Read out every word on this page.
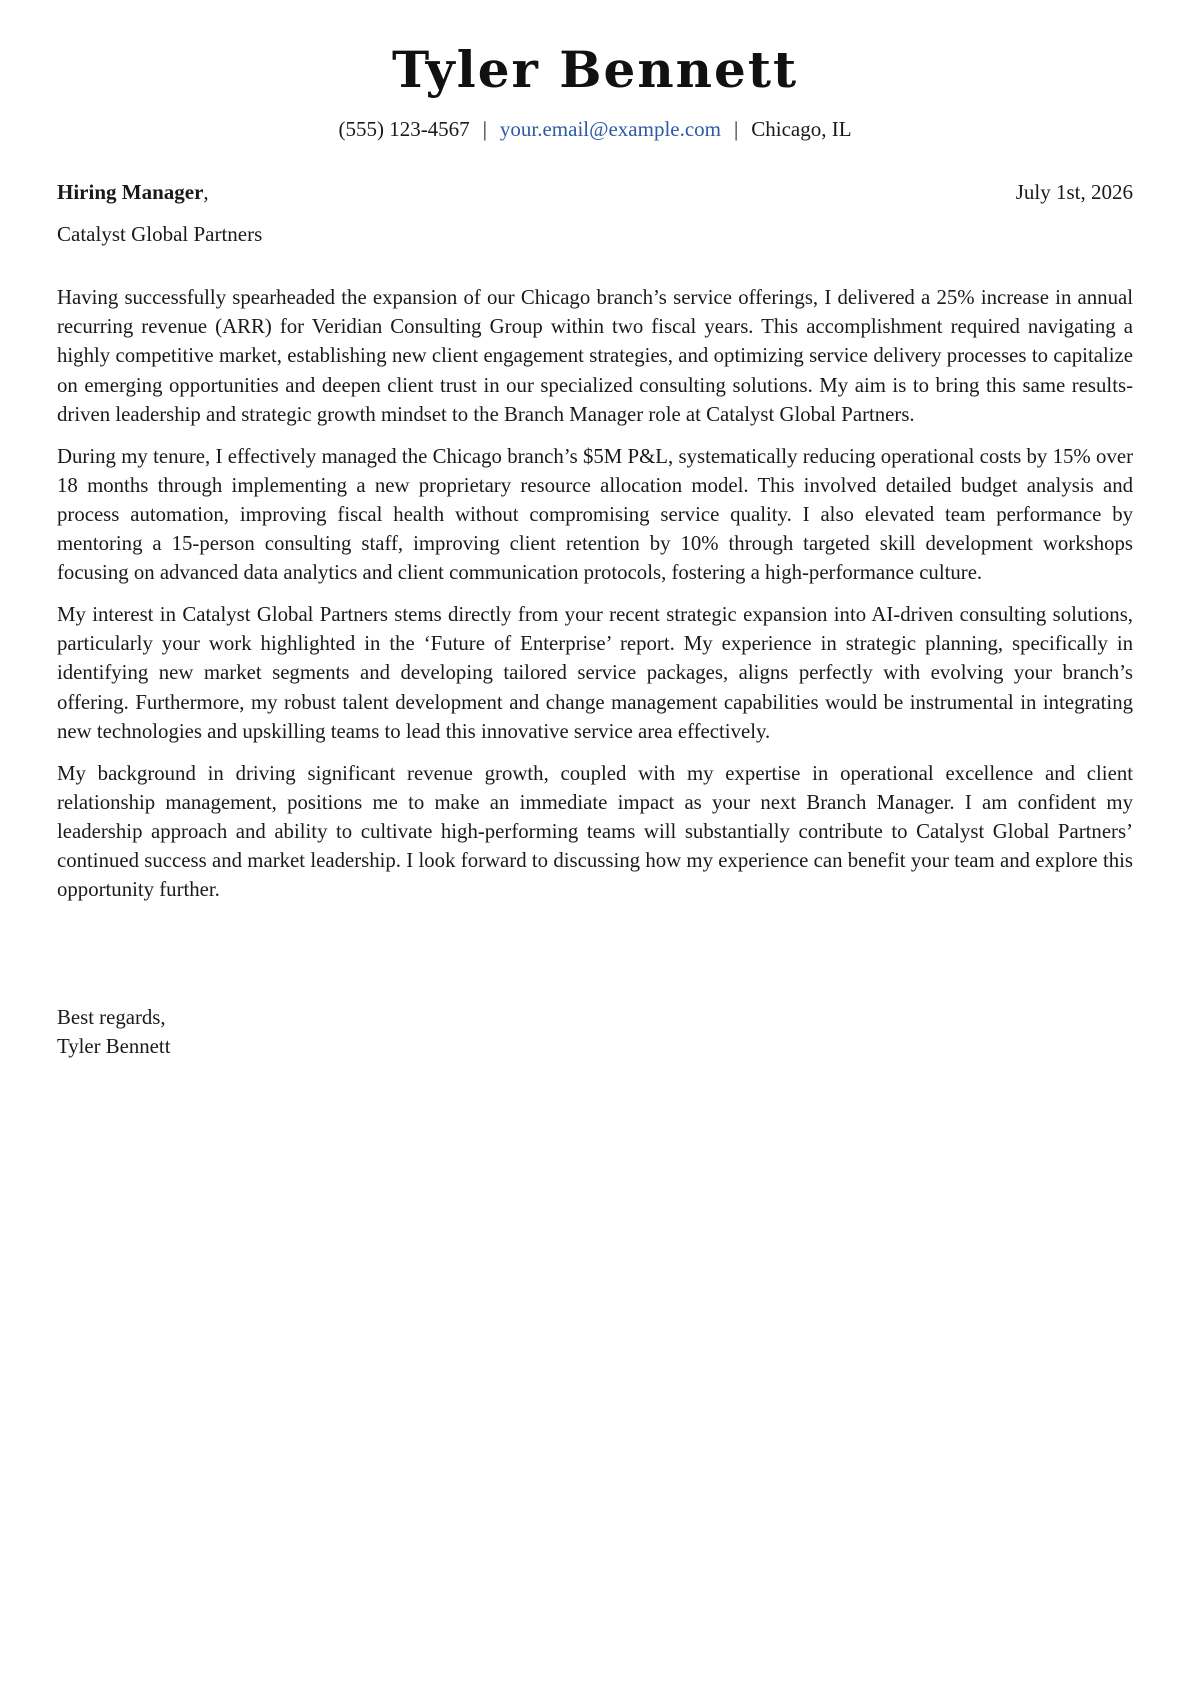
Tyler Bennett
(555) 123-4567 | your.email@example.com | Chicago, IL
Hiring Manager,	July 1st, 2026
Catalyst Global Partners

Having successfully spearheaded the expansion of our Chicago branch’s service offerings, I delivered a 25% increase in annual recurring revenue (ARR) for Veridian Consulting Group within two fiscal years. This accomplishment required navigating a highly competitive market, establishing new client engagement strategies, and optimizing service delivery processes to capitalize on emerging opportunities and deepen client trust in our specialized consulting solutions. My aim is to bring this same results-driven leadership and strategic growth mindset to the Branch Manager role at Catalyst Global Partners.

During my tenure, I effectively managed the Chicago branch’s $5M P&L, systematically reducing operational costs by 15% over 18 months through implementing a new proprietary resource allocation model. This involved detailed budget analysis and process automation, improving fiscal health without compromising service quality. I also elevated team performance by mentoring a 15-person consulting staff, improving client retention by 10% through targeted skill development workshops focusing on advanced data analytics and client communication protocols, fostering a high-performance culture.

My interest in Catalyst Global Partners stems directly from your recent strategic expansion into AI-driven consulting solutions, particularly your work highlighted in the ‘Future of Enterprise’ report. My experience in strategic planning, specifically in identifying new market segments and developing tailored service packages, aligns perfectly with evolving your branch’s offering. Furthermore, my robust talent development and change management capabilities would be instrumental in integrating new technologies and upskilling teams to lead this innovative service area effectively.

My background in driving significant revenue growth, coupled with my expertise in operational excellence and client relationship management, positions me to make an immediate impact as your next Branch Manager. I am confident my leadership approach and ability to cultivate high-performing teams will substantially contribute to Catalyst Global Partners’ continued success and market leadership. I look forward to discussing how my experience can benefit your team and explore this opportunity further.

Best regards,
Tyler Bennett
